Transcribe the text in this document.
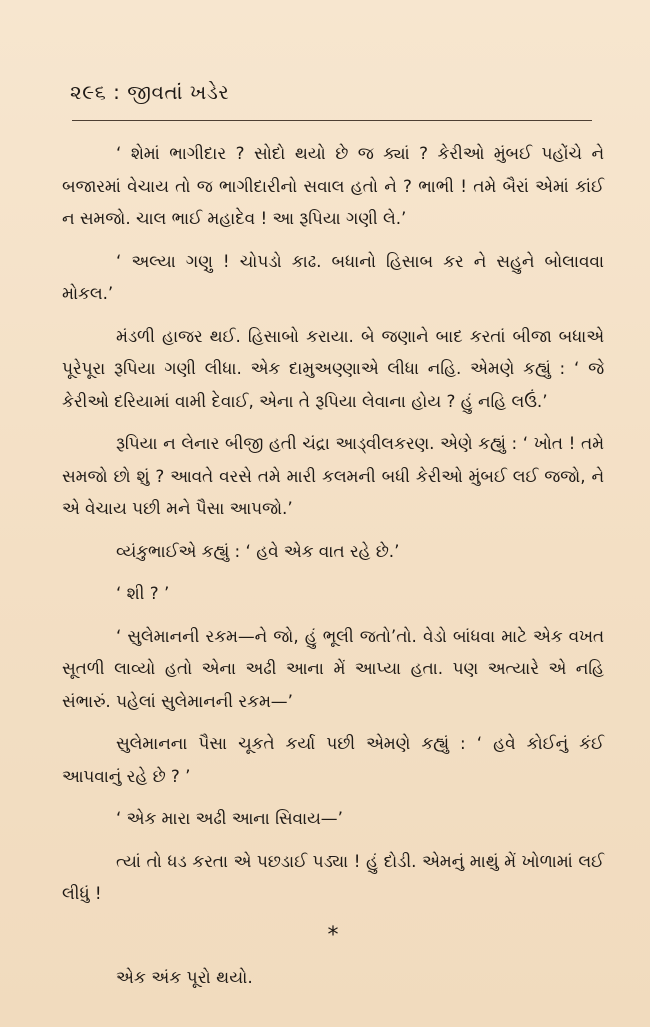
૨૯૬ : જીવતાં ખડેર

‘ શેમાં ભાગીદાર ? સોદો થયો છે જ ક્યાં ? કેરીઓ મુંબઈ પહોંચે ને બજારમાં વેચાય તો જ ભાગીદારીનો સવાલ હતો ને ? ભાભી ! તમે બૈરાં એમાં કાંઈ ન સમજો. ચાલ ભાઈ મહાદેવ ! આ રૂપિયા ગણી લે.’

‘ અલ્યા ગણુ ! ચોપડો કાઢ. બધાનો હિસાબ કર ને સહુને બોલાવવા મોકલ.’

મંડળી હાજર થઈ. હિસાબો કરાયા. બે જણાને બાદ કરતાં બીજા બધાએ પૂરેપૂરા રૂપિયા ગણી લીધા. એક દામુઅણ્ણાએ લીધા નહિ. એમણે કહ્યું : ‘ જે કેરીઓ દરિયામાં વામી દેવાઈ, એના તે રૂપિયા લેવાના હોય ? હું નહિ લઉં.’

રૂપિયા ન લેનાર બીજી હતી ચંદ્રા આડ્વીલકરણ. એણે કહ્યું : ‘ ખોત ! તમે સમજો છો શું ? આવતે વરસે તમે મારી કલમની બધી કેરીઓ મુંબઈ લઈ જજો, ને એ વેચાય પછી મને પૈસા આપજો.’

વ્યંકુભાઈએ કહ્યું : ‘ હવે એક વાત રહે છે.’

‘ શી ? ’

‘ સુલેમાનની રકમ—ને જો, હું ભૂલી જતો’તો. વેડો બાંધવા માટે એક વખત સૂતળી લાવ્યો હતો એના અઢી આના મેં આપ્યા હતા. પણ અત્યારે એ નહિ સંભારું. પહેલાં સુલેમાનની રકમ—’

સુલેમાનના પૈસા ચૂકતે કર્યા પછી એમણે કહ્યું : ‘ હવે કોઈનું કંઈ આપવાનું રહે છે ? ’

‘ એક મારા અઢી આના સિવાય—’

ત્યાં તો ધડ કરતા એ પછડાઈ પડ્યા ! હું દોડી. એમનું માથું મેં ખોળામાં લઈ લીધું !

*

એક અંક પૂરો થયો.
